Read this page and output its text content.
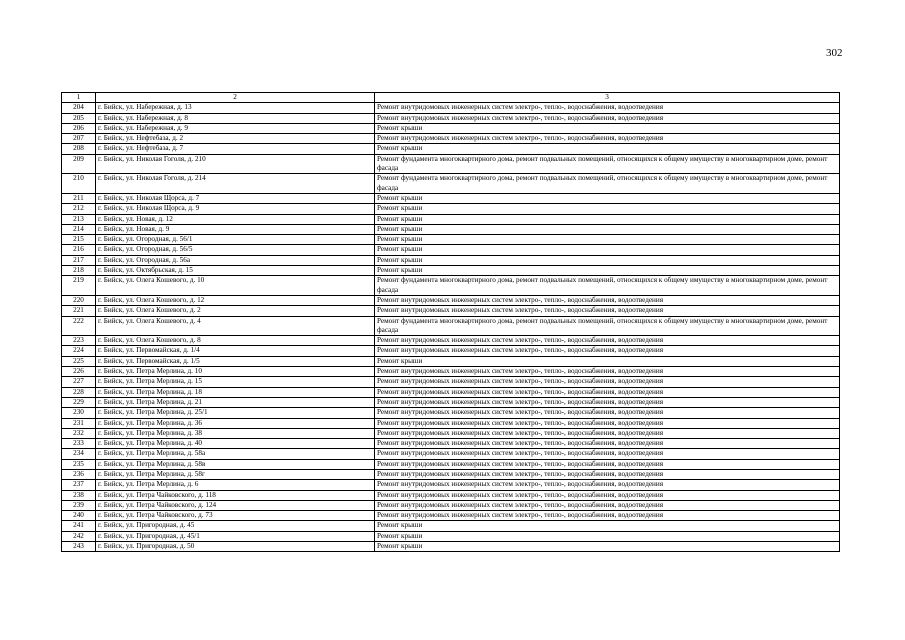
302
1	2	3
204	г. Бийск, ул. Набережная, д. 13	Ремонт внутридомовых инженерных систем электро-, тепло-, водоснабжения, водоотведения
205	г. Бийск, ул. Набережная, д. 8	Ремонт внутридомовых инженерных систем электро-, тепло-, водоснабжения, водоотведения
206	г. Бийск, ул. Набережная, д. 9	Ремонт крыши
207	г. Бийск, ул. Нефтебаза, д. 2	Ремонт внутридомовых инженерных систем электро-, тепло-, водоснабжения, водоотведения
208	г. Бийск, ул. Нефтебаза, д. 7	Ремонт крыши
209	г. Бийск, ул. Николая Гоголя, д. 210	Ремонт фундамента многоквартирного дома, ремонт подвальных помещений, относящихся к общему имуществу в многоквартирном доме, ремонт фасада
210	г. Бийск, ул. Николая Гоголя, д. 214	Ремонт фундамента многоквартирного дома, ремонт подвальных помещений, относящихся к общему имуществу в многоквартирном доме, ремонт фасада
211	г. Бийск, ул. Николая Щорса, д. 7	Ремонт крыши
212	г. Бийск, ул. Николая Щорса, д. 9	Ремонт крыши
213	г. Бийск, ул. Новая, д. 12	Ремонт крыши
214	г. Бийск, ул. Новая, д. 9	Ремонт крыши
215	г. Бийск, ул. Огородная, д. 56/1	Ремонт крыши
216	г. Бийск, ул. Огородная, д. 56/5	Ремонт крыши
217	г. Бийск, ул. Огородная, д. 56а	Ремонт крыши
218	г. Бийск, ул. Октябрьская, д. 15	Ремонт крыши
219	г. Бийск, ул. Олега Кошевого, д. 10	Ремонт фундамента многоквартирного дома, ремонт подвальных помещений, относящихся к общему имуществу в многоквартирном доме, ремонт фасада
220	г. Бийск, ул. Олега Кошевого, д. 12	Ремонт внутридомовых инженерных систем электро-, тепло-, водоснабжения, водоотведения
221	г. Бийск, ул. Олега Кошевого, д. 2	Ремонт внутридомовых инженерных систем электро-, тепло-, водоснабжения, водоотведения
222	г. Бийск, ул. Олега Кошевого, д. 4	Ремонт фундамента многоквартирного дома, ремонт подвальных помещений, относящихся к общему имуществу в многоквартирном доме, ремонт фасада
223	г. Бийск, ул. Олега Кошевого, д. 8	Ремонт внутридомовых инженерных систем электро-, тепло-, водоснабжения, водоотведения
224	г. Бийск, ул. Первомайская, д. 1/4	Ремонт внутридомовых инженерных систем электро-, тепло-, водоснабжения, водоотведения
225	г. Бийск, ул. Первомайская, д. 1/5	Ремонт крыши
226	г. Бийск, ул. Петра Мерлина, д. 10	Ремонт внутридомовых инженерных систем электро-, тепло-, водоснабжения, водоотведения
227	г. Бийск, ул. Петра Мерлина, д. 15	Ремонт внутридомовых инженерных систем электро-, тепло-, водоснабжения, водоотведения
228	г. Бийск, ул. Петра Мерлина, д. 18	Ремонт внутридомовых инженерных систем электро-, тепло-, водоснабжения, водоотведения
229	г. Бийск, ул. Петра Мерлина, д. 21	Ремонт внутридомовых инженерных систем электро-, тепло-, водоснабжения, водоотведения
230	г. Бийск, ул. Петра Мерлина, д. 25/1	Ремонт внутридомовых инженерных систем электро-, тепло-, водоснабжения, водоотведения
231	г. Бийск, ул. Петра Мерлина, д. 36	Ремонт внутридомовых инженерных систем электро-, тепло-, водоснабжения, водоотведения
232	г. Бийск, ул. Петра Мерлина, д. 38	Ремонт внутридомовых инженерных систем электро-, тепло-, водоснабжения, водоотведения
233	г. Бийск, ул. Петра Мерлина, д. 40	Ремонт внутридомовых инженерных систем электро-, тепло-, водоснабжения, водоотведения
234	г. Бийск, ул. Петра Мерлина, д. 58а	Ремонт внутридомовых инженерных систем электро-, тепло-, водоснабжения, водоотведения
235	г. Бийск, ул. Петра Мерлина, д. 58в	Ремонт внутридомовых инженерных систем электро-, тепло-, водоснабжения, водоотведения
236	г. Бийск, ул. Петра Мерлина, д. 58г	Ремонт внутридомовых инженерных систем электро-, тепло-, водоснабжения, водоотведения
237	г. Бийск, ул. Петра Мерлина, д. 6	Ремонт внутридомовых инженерных систем электро-, тепло-, водоснабжения, водоотведения
238	г. Бийск, ул. Петра Чайковского, д. 118	Ремонт внутридомовых инженерных систем электро-, тепло-, водоснабжения, водоотведения
239	г. Бийск, ул. Петра Чайковского, д. 124	Ремонт внутридомовых инженерных систем электро-, тепло-, водоснабжения, водоотведения
240	г. Бийск, ул. Петра Чайковского, д. 73	Ремонт внутридомовых инженерных систем электро-, тепло-, водоснабжения, водоотведения
241	г. Бийск, ул. Пригородная, д. 45	Ремонт крыши
242	г. Бийск, ул. Пригородная, д. 45/1	Ремонт крыши
243	г. Бийск, ул. Пригородная, д. 50	Ремонт крыши
